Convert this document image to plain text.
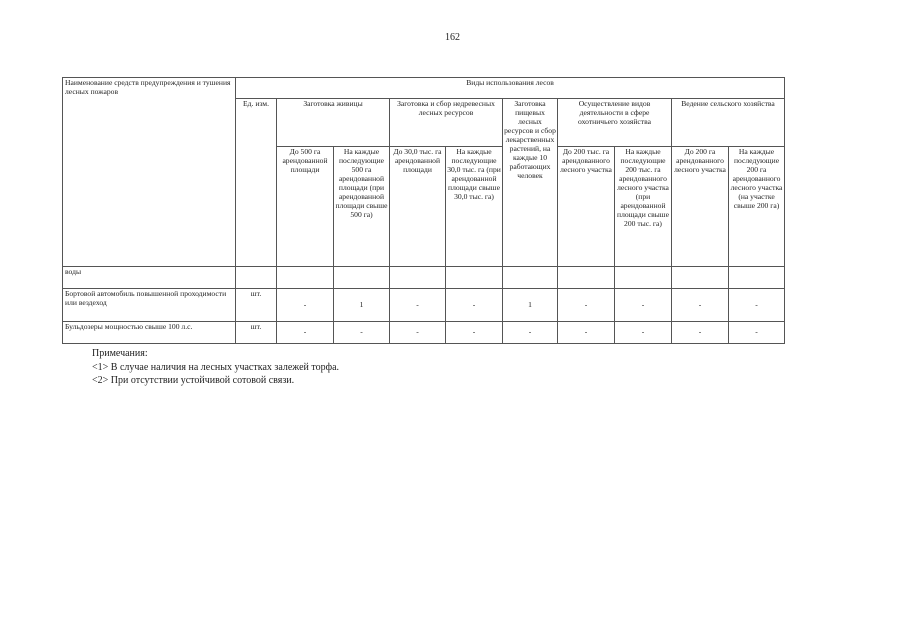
162
Наименование средств предупреждения и тушения лесных пожаров	Виды использования лесов									
	Ед. изм.	Заготовка живицы		Заготовка и сбор недревесных лесных ресурсов		Заготовка пищевых лесных ресурсов и сбор лекарственных растений, на каждые 10 работающих человек	Осуществление видов деятельности в сфере охотничьего хозяйства		Ведение сельского хозяйства	
		До 500 га арендованной площади	На каждые последующие 500 га арендованной площади (при арендованной площади свыше 500 га)	До 30,0 тыс. га арендованной площади	На каждые последующие 30,0 тыс. га (при арендованной площади свыше 30,0 тыс. га)		До 200 тыс. га арендованного лесного участка	На каждые последующие 200 тыс. га арендованного лесного участка (при арендованной площади свыше 200 тыс. га)	До 200 га арендованного лесного участка	На каждые последующие 200 га арендованного лесного участка (на участке свыше 200 га)
воды										
Бортовой автомобиль повышенной проходимости или вездеход	шт.	-	1	-	-	1	-	-	-	-
Бульдозеры мощностью свыше 100 л.с.	шт.	-	-	-	-	-	-	-	-	-
Примечания:
<1> В случае наличия на лесных участках залежей торфа.
<2> При отсутствии устойчивой сотовой связи.
